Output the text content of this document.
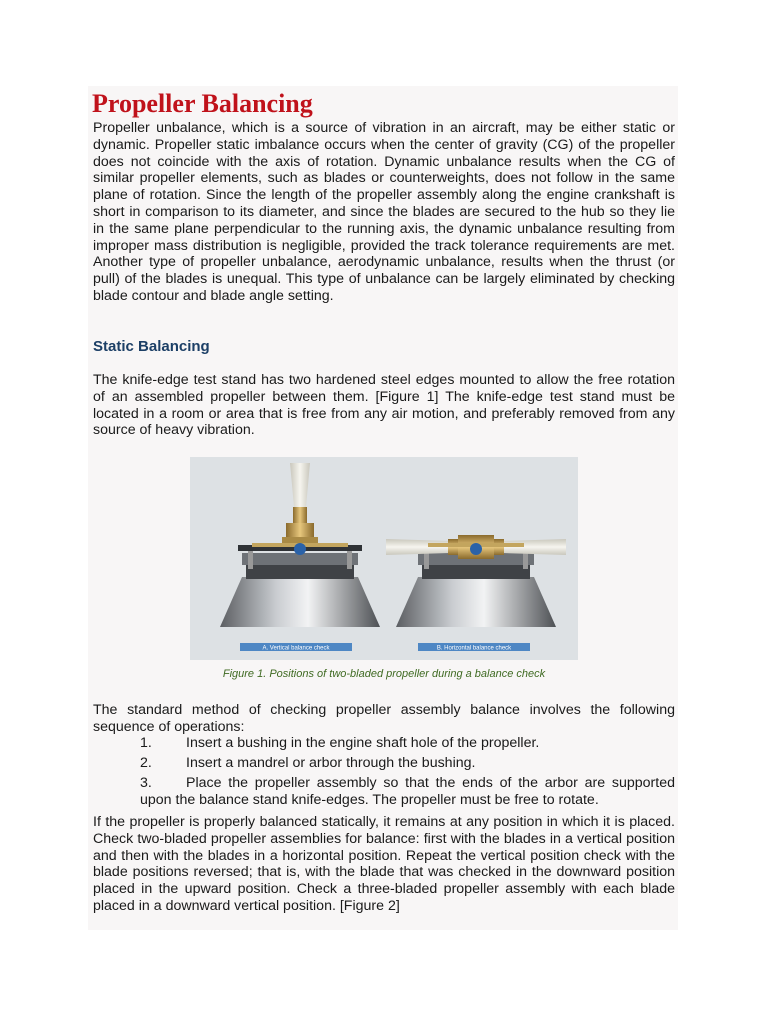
Propeller Balancing

Propeller unbalance, which is a source of vibration in an aircraft, may be either static or dynamic. Propeller static imbalance occurs when the center of gravity (CG) of the propeller does not coincide with the axis of rotation. Dynamic unbalance results when the CG of similar propeller elements, such as blades or counterweights, does not follow in the same plane of rotation. Since the length of the propeller assembly along the engine crankshaft is short in comparison to its diameter, and since the blades are secured to the hub so they lie in the same plane perpendicular to the running axis, the dynamic unbalance resulting from improper mass distribution is negligible, provided the track tolerance requirements are met. Another type of propeller unbalance, aerodynamic unbalance, results when the thrust (or pull) of the blades is unequal. This type of unbalance can be largely eliminated by checking blade contour and blade angle setting.

Static Balancing

The knife-edge test stand has two hardened steel edges mounted to allow the free rotation of an assembled propeller between them. [Figure 1] The knife-edge test stand must be located in a room or area that is free from any air motion, and preferably removed from any source of heavy vibration.

A. Vertical balance check	B. Horizontal balance check

Figure 1. Positions of two-bladed propeller during a balance check

The standard method of checking propeller assembly balance involves the following sequence of operations:

1. Insert a bushing in the engine shaft hole of the propeller.
2. Insert a mandrel or arbor through the bushing.
3. Place the propeller assembly so that the ends of the arbor are supported upon the balance stand knife-edges. The propeller must be free to rotate.

If the propeller is properly balanced statically, it remains at any position in which it is placed. Check two-bladed propeller assemblies for balance: first with the blades in a vertical position and then with the blades in a horizontal position. Repeat the vertical position check with the blade positions reversed; that is, with the blade that was checked in the downward position placed in the upward position. Check a three-bladed propeller assembly with each blade placed in a downward vertical position. [Figure 2]
